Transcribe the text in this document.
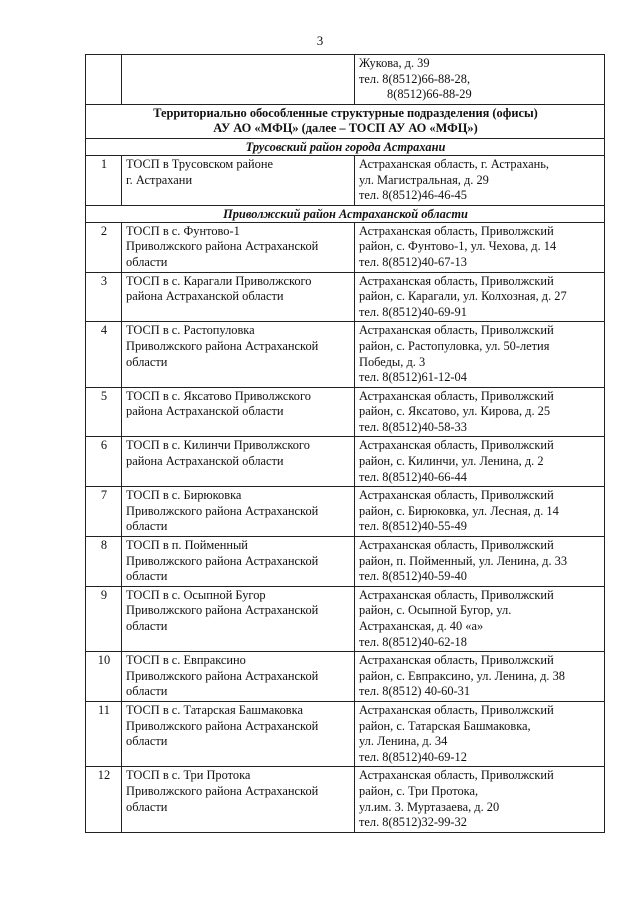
3

		Жукова, д. 39
тел. 8(8512)66-88-28,
8(8512)66-88-29

Территориально обособленные структурные подразделения (офисы)
АУ АО «МФЦ» (далее – ТОСП АУ АО «МФЦ»)		

Трусовский район города Астрахани		
1	ТОСП в Трусовском районе
г. Астрахани	Астраханская область, г. Астрахань,
ул. Магистральная, д. 29
тел. 8(8512)46-46-45

Приволжский район Астраханской области		
2	ТОСП в с. Фунтово-1
Приволжского района Астраханской
области	Астраханская область, Приволжский
район, с. Фунтово-1, ул. Чехова, д. 14
тел. 8(8512)40-67-13

3	ТОСП в с. Карагали Приволжского
района Астраханской области	Астраханская область, Приволжский
район, с. Карагали, ул. Колхозная, д. 27
тел. 8(8512)40-69-91

4	ТОСП в с. Растопуловка
Приволжского района Астраханской
области	Астраханская область, Приволжский
район, с. Растопуловка, ул. 50-летия
Победы, д. 3
тел. 8(8512)61-12-04

5	ТОСП в с. Яксатово Приволжского
района Астраханской области	Астраханская область, Приволжский
район, с. Яксатово, ул. Кирова, д. 25
тел. 8(8512)40-58-33

6	ТОСП в с. Килинчи Приволжского
района Астраханской области	Астраханская область, Приволжский
район, с. Килинчи, ул. Ленина, д. 2
тел. 8(8512)40-66-44

7	ТОСП в с. Бирюковка
Приволжского района Астраханской
области	Астраханская область, Приволжский
район, с. Бирюковка, ул. Лесная, д. 14
тел. 8(8512)40-55-49

8	ТОСП в п. Пойменный
Приволжского района Астраханской
области	Астраханская область, Приволжский
район, п. Пойменный, ул. Ленина, д. 33
тел. 8(8512)40-59-40

9	ТОСП в с. Осыпной Бугор
Приволжского района Астраханской
области	Астраханская область, Приволжский
район, с. Осыпной Бугор, ул.
Астраханская, д. 40 «а»
тел. 8(8512)40-62-18

10	ТОСП в с. Евпраксино
Приволжского района Астраханской
области	Астраханская область, Приволжский
район, с. Евпраксино, ул. Ленина, д. 38
тел. 8(8512) 40-60-31

11	ТОСП в с. Татарская Башмаковка
Приволжского района Астраханской
области	Астраханская область, Приволжский
район, с. Татарская Башмаковка,
ул. Ленина, д. 34
тел. 8(8512)40-69-12

12	ТОСП в с. Три Протока
Приволжского района Астраханской
области	Астраханская область, Приволжский
район, с. Три Протока,
ул.им. З. Муртазаева, д. 20
тел. 8(8512)32-99-32
